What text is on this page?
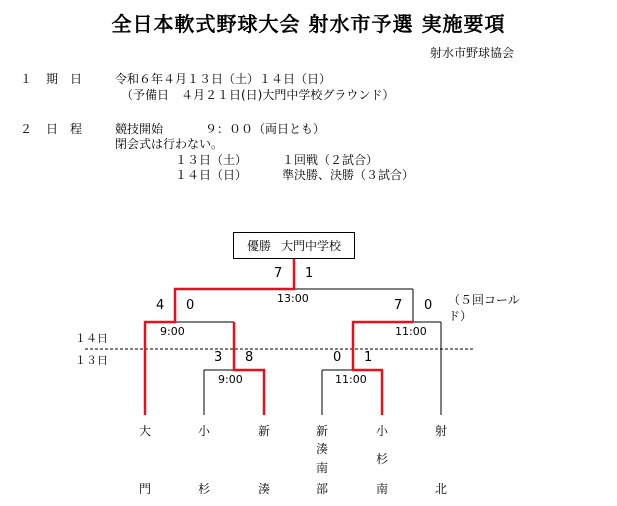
全日本軟式野球大会 射水市予選 実施要項
射水市野球協会
１ 期　日	令和６年４月１３日（土）１４日（日）
（予備日　４月２１日(日)大門中学校グラウンド）
２ 日　程	競技開始	９：００（両日とも）
閉会式は行わない。
１３日（土）	１回戦（２試合）
１４日（日）	準決勝、決勝（３試合）
優勝 大門中学校
7 1
13:00
4 0
9:00
7 0
11:00
（５回コールド）
3 8
9:00
0 1
11:00
１４日
１３日
大
門
小
杉
新
湊
新
湊
南
部
小
杉
南
射
北
